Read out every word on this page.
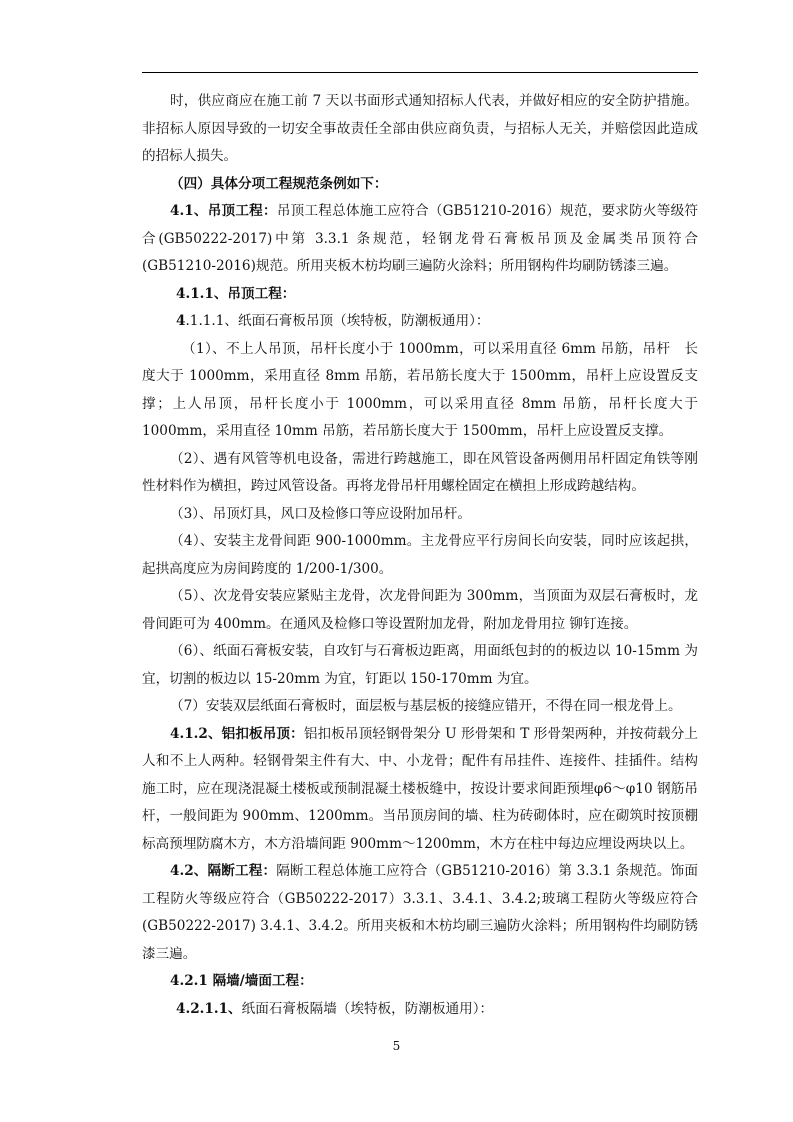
时，供应商应在施工前 7 天以书面形式通知招标人代表，并做好相应的安全防护措施。非招标人原因导致的一切安全事故责任全部由供应商负责，与招标人无关，并赔偿因此造成的招标人损失。

（四）具体分项工程规范条例如下：

4.1、吊顶工程：吊顶工程总体施工应符合（GB51210-2016）规范，要求防火等级符合(GB50222-2017)中第 3.3.1 条规范，轻钢龙骨石膏板吊顶及金属类吊顶符合(GB51210-2016)规范。所用夹板木枋均刷三遍防火涂料；所用钢构件均刷防锈漆三遍。

4.1.1、吊顶工程：

4.1.1.1、纸面石膏板吊顶（埃特板，防潮板通用）：

（1）、不上人吊顶，吊杆长度小于 1000mm，可以采用直径 6mm 吊筋，吊杆　长度大于 1000mm，采用直径 8mm 吊筋，若吊筋长度大于 1500mm，吊杆上应设置反支撑；上人吊顶，吊杆长度小于 1000mm，可以采用直径 8mm 吊筋，吊杆长度大于 1000mm，采用直径 10mm 吊筋，若吊筋长度大于 1500mm，吊杆上应设置反支撑。

（2）、遇有风管等机电设备，需进行跨越施工，即在风管设备两侧用吊杆固定角铁等刚性材料作为横担，跨过风管设备。再将龙骨吊杆用螺栓固定在横担上形成跨越结构。

（3）、吊顶灯具，风口及检修口等应设附加吊杆。

（4）、安装主龙骨间距 900-1000mm。主龙骨应平行房间长向安装，同时应该起拱，起拱高度应为房间跨度的 1/200-1/300。

（5）、次龙骨安装应紧贴主龙骨，次龙骨间距为 300mm，当顶面为双层石膏板时，龙骨间距可为 400mm。在通风及检修口等设置附加龙骨，附加龙骨用拉 铆钉连接。

（6）、纸面石膏板安装，自攻钉与石膏板边距离，用面纸包封的的板边以 10-15mm 为宜，切割的板边以 15-20mm 为宜，钉距以 150-170mm 为宜。

（7）安装双层纸面石膏板时，面层板与基层板的接缝应错开，不得在同一根龙骨上。

4.1.2、铝扣板吊顶：铝扣板吊顶轻钢骨架分 U 形骨架和 T 形骨架两种，并按荷载分上人和不上人两种。轻钢骨架主件有大、中、小龙骨；配件有吊挂件、连接件、挂插件。结构施工时，应在现浇混凝土楼板或预制混凝土楼板缝中，按设计要求间距预埋φ6～φ10 钢筋吊杆，一般间距为 900mm、1200mm。当吊顶房间的墙、柱为砖砌体时，应在砌筑时按顶棚标高预埋防腐木方，木方沿墙间距 900mm～1200mm，木方在柱中每边应埋设两块以上。

4.2、隔断工程：隔断工程总体施工应符合（GB51210-2016）第 3.3.1 条规范。饰面工程防火等级应符合（GB50222-2017）3.3.1、3.4.1、3.4.2;玻璃工程防火等级应符合(GB50222-2017) 3.4.1、3.4.2。所用夹板和木枋均刷三遍防火涂料；所用钢构件均刷防锈漆三遍。

4.2.1 隔墙/墙面工程：

4.2.1.1、纸面石膏板隔墙（埃特板，防潮板通用）：

5
